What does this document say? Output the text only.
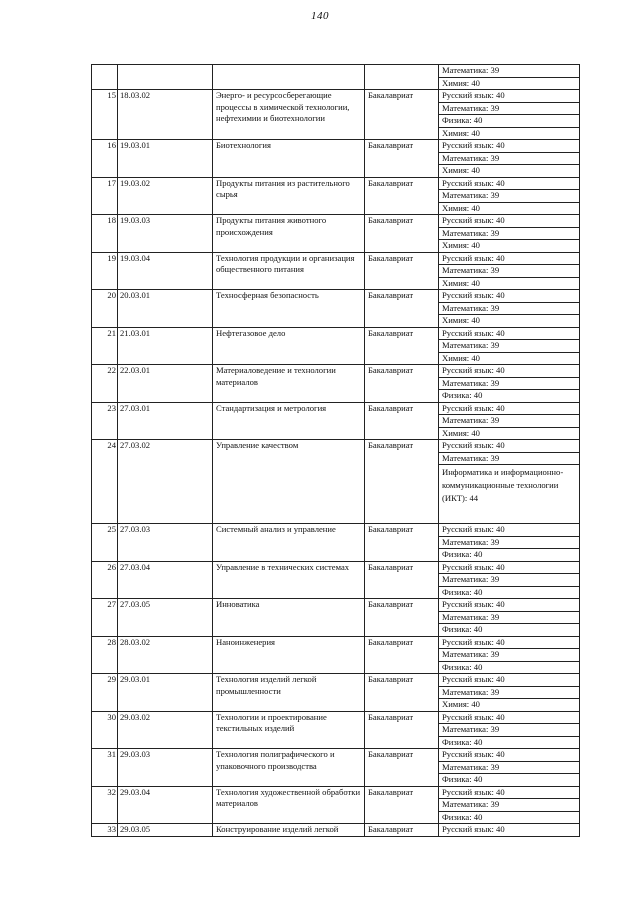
140

				Математика: 39
Химия: 40

15	18.03.02	Энерго- и ресурсосберегающие процессы в химической технологии, нефтехимии и биотехнологии	Бакалавриат	Русский язык: 40
Математика: 39
Физика: 40
Химия: 40

16	19.03.01	Биотехнология	Бакалавриат	Русский язык: 40
Математика: 39
Химия: 40

17	19.03.02	Продукты питания из растительного сырья	Бакалавриат	Русский язык: 40
Математика: 39
Химия: 40

18	19.03.03	Продукты питания животного происхождения	Бакалавриат	Русский язык: 40
Математика: 39
Химия: 40

19	19.03.04	Технология продукции и организация общественного питания	Бакалавриат	Русский язык: 40
Математика: 39
Химия: 40

20	20.03.01	Техносферная безопасность	Бакалавриат	Русский язык: 40
Математика: 39
Химия: 40

21	21.03.01	Нефтегазовое дело	Бакалавриат	Русский язык: 40
Математика: 39
Химия: 40

22	22.03.01	Материаловедение и технологии материалов	Бакалавриат	Русский язык: 40
Математика: 39
Физика: 40

23	27.03.01	Стандартизация и метрология	Бакалавриат	Русский язык: 40
Математика: 39
Химия: 40

24	27.03.02	Управление качеством	Бакалавриат	Русский язык: 40
Математика: 39
Информатика и информационно-коммуникационные технологии (ИКТ): 44

25	27.03.03	Системный анализ и управление	Бакалавриат	Русский язык: 40
Математика: 39
Физика: 40

26	27.03.04	Управление в технических системах	Бакалавриат	Русский язык: 40
Математика: 39
Физика: 40

27	27.03.05	Инноватика	Бакалавриат	Русский язык: 40
Математика: 39
Физика: 40

28	28.03.02	Наноинженерия	Бакалавриат	Русский язык: 40
Математика: 39
Физика: 40

29	29.03.01	Технология изделий легкой промышленности	Бакалавриат	Русский язык: 40
Математика: 39
Химия: 40

30	29.03.02	Технологии и проектирование текстильных изделий	Бакалавриат	Русский язык: 40
Математика: 39
Физика: 40

31	29.03.03	Технология полиграфического и упаковочного производства	Бакалавриат	Русский язык: 40
Математика: 39
Физика: 40

32	29.03.04	Технология художественной обработки материалов	Бакалавриат	Русский язык: 40
Математика: 39
Физика: 40

33	29.03.05	Конструирование изделий легкой	Бакалавриат	Русский язык: 40
